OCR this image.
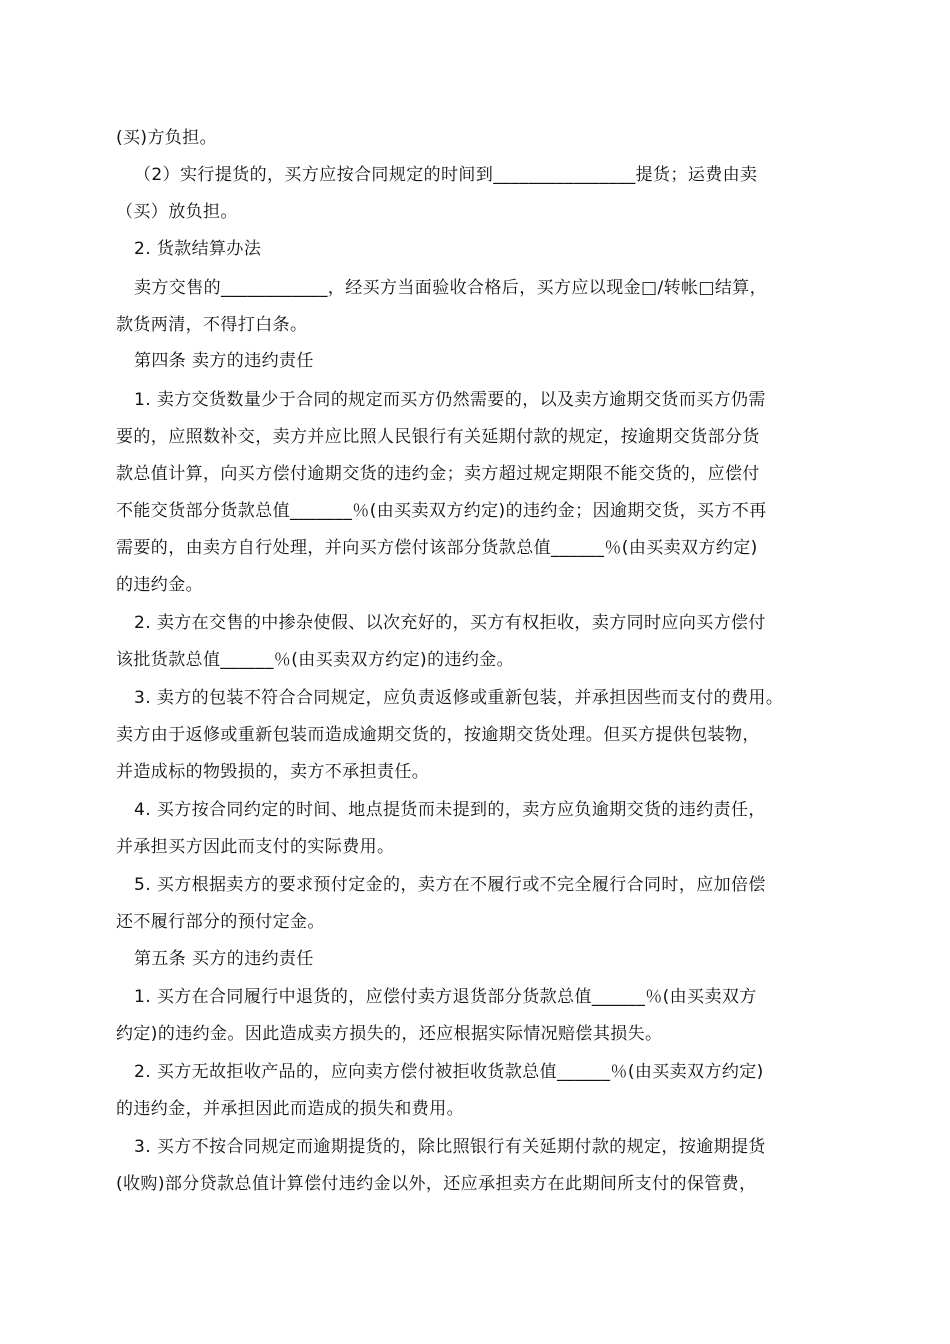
(买)方负担。
（2）实行提货的，买方应按合同规定的时间到________________提货；运费由卖
（买）放负担。
2. 货款结算办法
卖方交售的____________，经买方当面验收合格后，买方应以现金□/转帐□结算，
款货两清，不得打白条。
第四条 卖方的违约责任
1. 卖方交货数量少于合同的规定而买方仍然需要的，以及卖方逾期交货而买方仍需
要的，应照数补交，卖方并应比照人民银行有关延期付款的规定，按逾期交货部分货
款总值计算，向买方偿付逾期交货的违约金；卖方超过规定期限不能交货的，应偿付
不能交货部分货款总值_______％(由买卖双方约定)的违约金；因逾期交货，买方不再
需要的，由卖方自行处理，并向买方偿付该部分货款总值______％(由买卖双方约定)
的违约金。
2. 卖方在交售的中掺杂使假、以次充好的，买方有权拒收，卖方同时应向买方偿付
该批货款总值______％(由买卖双方约定)的违约金。
3. 卖方的包装不符合合同规定，应负责返修或重新包装，并承担因些而支付的费用。
卖方由于返修或重新包装而造成逾期交货的，按逾期交货处理。但买方提供包装物，
并造成标的物毁损的，卖方不承担责任。
4. 买方按合同约定的时间、地点提货而未提到的，卖方应负逾期交货的违约责任，
并承担买方因此而支付的实际费用。
5. 买方根据卖方的要求预付定金的，卖方在不履行或不完全履行合同时，应加倍偿
还不履行部分的预付定金。
第五条 买方的违约责任
1. 买方在合同履行中退货的，应偿付卖方退货部分货款总值______％(由买卖双方
约定)的违约金。因此造成卖方损失的，还应根据实际情况赔偿其损失。
2. 买方无故拒收产品的，应向卖方偿付被拒收货款总值______％(由买卖双方约定)
的违约金，并承担因此而造成的损失和费用。
3. 买方不按合同规定而逾期提货的，除比照银行有关延期付款的规定，按逾期提货
(收购)部分贷款总值计算偿付违约金以外，还应承担卖方在此期间所支付的保管费，
